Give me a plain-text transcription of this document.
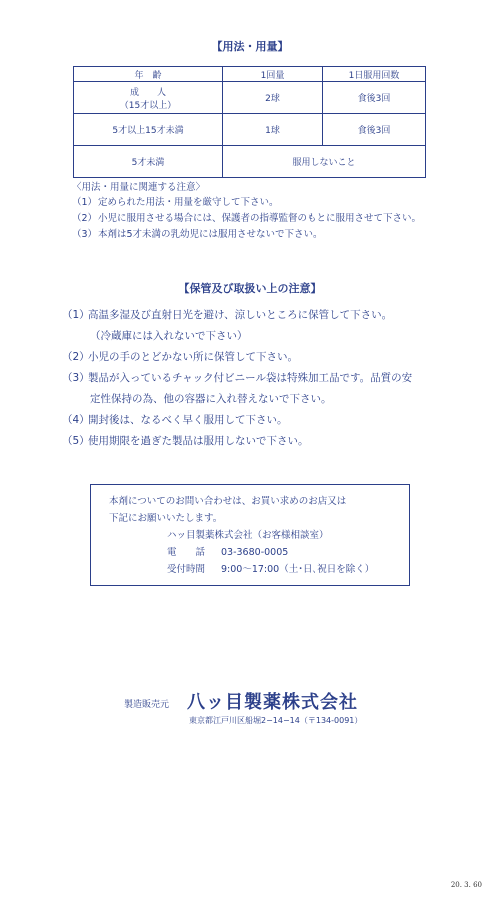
【用法・用量】
年　齢	1回量	1日服用回数

成　　人
（15才以上）	2球	食後3回
5才以上15才未満	1球	食後3回
5才未満	服用しないこと	
〈用法・用量に関連する注意〉
（1） 定められた用法・用量を厳守して下さい。
（2） 小児に服用させる場合には、保護者の指導監督のもとに服用させて下さい。
（3） 本剤は5才未満の乳幼児には服用させないで下さい。
【保管及び取扱い上の注意】
（1）
高温多湿及び直射日光を避け、涼しいところに保管して下さい。
（冷蔵庫には入れないで下さい）
（2）
小児の手のとどかない所に保管して下さい。
（3）
製品が入っているチャック付ビニール袋は特殊加工品です。品質の安
定性保持の為、他の容器に入れ替えないで下さい。
（4）
開封後は、なるべく早く服用して下さい。
（5）
使用期限を過ぎた製品は服用しないで下さい。
本剤についてのお問い合わせは、お買い求めのお店又は
下記にお願いいたします。
ハッ目製薬株式会社（お客様相談室）
電　　話	03-3680-0005
受付時間	9:00～17:00（土･日､祝日を除く）
製造販売元 八ッ目製薬株式会社
東京都江戸川区船堀2−14−14（〒134-0091）
20. 3. 60
